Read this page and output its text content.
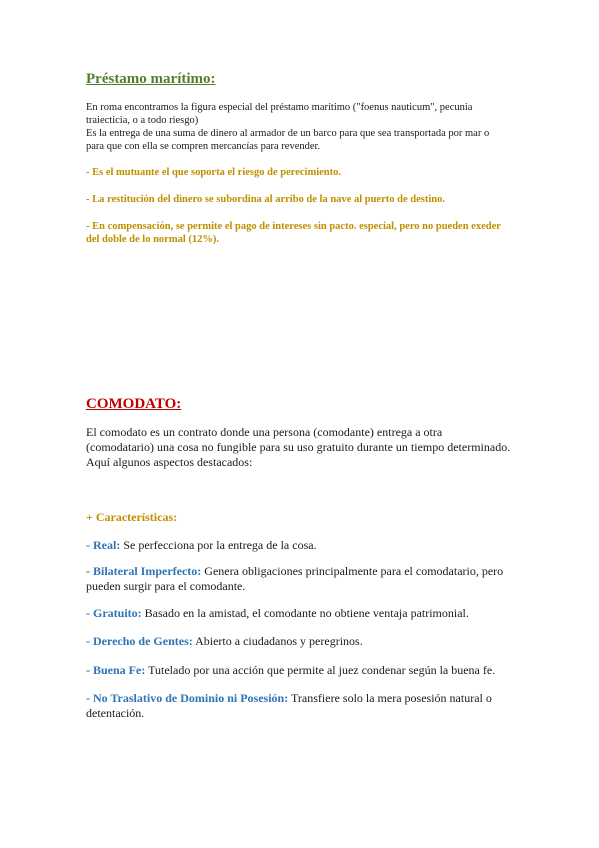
Préstamo marítimo:
En roma encontramos la figura especial del préstamo marítimo ("foenus nauticum", pecunia
traiecticia, o a todo riesgo)
Es la entrega de una suma de dinero al armador de un barco para que sea transportada por mar o
para que con ella se compren mercancías para revender.
- Es el mutuante el que soporta el riesgo de perecimiento.
- La restitución del dinero se subordina al arribo de la nave al puerto de destino.
- En compensación, se permite el pago de intereses sin pacto. especial, pero no pueden exeder del doble de lo normal (12%).
COMODATO:
El comodato es un contrato donde una persona (comodante) entrega a otra
(comodatario) una cosa no fungible para su uso gratuito durante un tiempo determinado.
Aquí algunos aspectos destacados:
+ Características:
- Real: Se perfecciona por la entrega de la cosa.
- Bilateral Imperfecto: Genera obligaciones principalmente para el comodatario, pero pueden surgir para el comodante.
- Gratuito: Basado en la amistad, el comodante no obtiene ventaja patrimonial.
- Derecho de Gentes: Abierto a ciudadanos y peregrinos.
- Buena Fe: Tutelado por una acción que permite al juez condenar según la buena fe.
- No Traslativo de Dominio ni Posesión: Transfiere solo la mera posesión natural o detentación.
